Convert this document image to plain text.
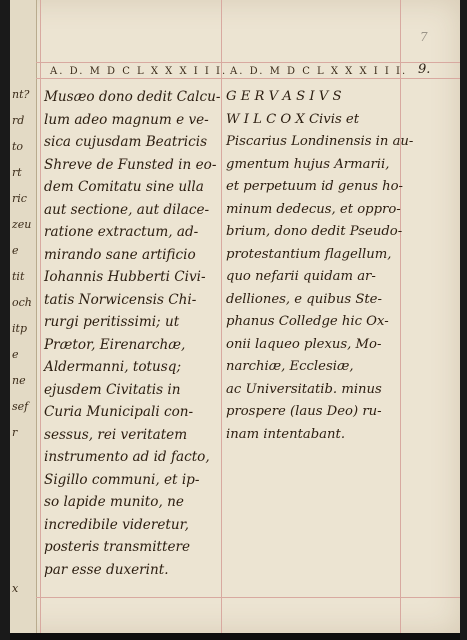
nt?
rd
to
rt
ric
zeu
e
tit
och
itp
e
ne
sef
r
x
7
A. D. M D C L X X X I I I. A. D. M D C L X X X I I I. 9.
Musæo dono dedit Calcu-
lum adeo magnum e ve-
sica cujusdam Beatricis
Shreve de Funsted in eo-
dem Comitatu sine ulla
aut sectione, aut dilace-
ratione extractum, ad-
mirando sane artificio
Iohannis Hubberti Civi-
tatis Norwicensis Chi-
rurgi peritissimi; ut
Prætor, Eirenarchæ,
Aldermanni, totusq;
ejusdem Civitatis in
Curia Municipali con-
sessus, rei veritatem
instrumento ad id facto,
Sigillo communi, et ip-
so lapide munito, ne
incredibile videretur,
posteris transmittere
par esse duxerint.
G E R V A S I V S
W I L C O X Civis et
Piscarius Londinensis in au-
gmentum hujus Armarii,
et perpetuum id genus ho-
minum dedecus, et oppro-
brium, dono dedit Pseudo-
protestantium flagellum,
quo nefarii quidam ar-
delliones, e quibus Ste-
phanus Colledge hic Ox-
onii laqueo plexus, Mo-
narchiæ, Ecclesiæ,
ac Universitatib. minus
prospere (laus Deo) ru-
inam intentabant.
